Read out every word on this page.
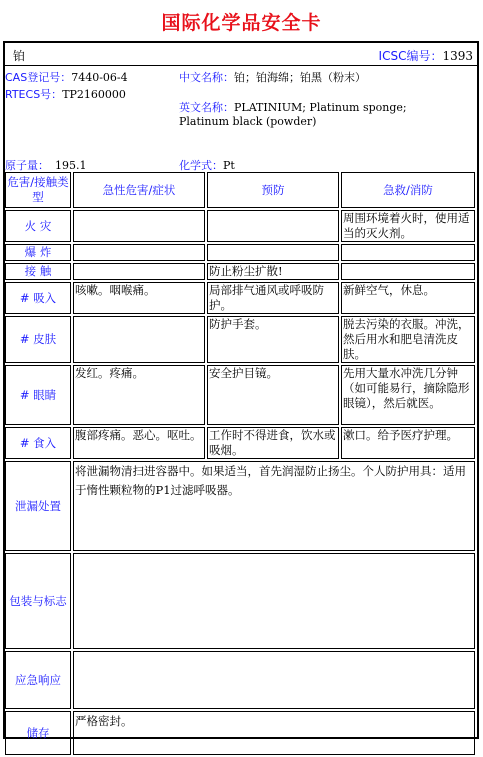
国际化学品安全卡
铂	ICSC编号：1393
CAS登记号：7440-06-4
RTECS号：TP2160000
中文名称：铂；铂海绵；铂黑（粉末）
英文名称：PLATINIUM; Platinum sponge;
Platinum black (powder)
原子量： 195.1	化学式：Pt
危害/接触类型	急性危害/症状	预防	急救/消防
火 灾			周围环境着火时，使用适当的灭火剂。
爆 炸			
接 触		防止粉尘扩散!	
# 吸入	咳嗽。咽喉痛。	局部排气通风或呼吸防护。	新鲜空气，休息。
# 皮肤		防护手套。	脱去污染的衣服。冲洗，然后用水和肥皂清洗皮肤。
# 眼睛	发红。疼痛。	安全护目镜。	先用大量水冲洗几分钟（如可能易行，摘除隐形眼镜），然后就医。
# 食入	腹部疼痛。恶心。呕吐。	工作时不得进食，饮水或吸烟。	漱口。给予医疗护理。
泄漏处置	将泄漏物清扫进容器中。如果适当，首先润湿防止扬尘。个人防护用具：适用于惰性颗粒物的P1过滤呼吸器。		
包装与标志			
应急响应			
储存	严格密封。		
